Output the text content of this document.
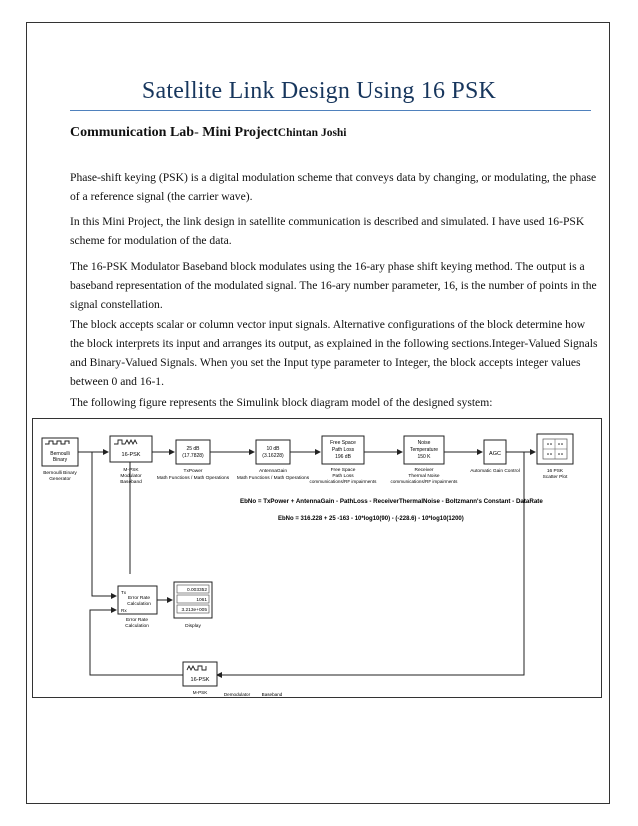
Satellite Link Design Using 16 PSK
Communication Lab- Mini ProjectChintan Joshi
Phase-shift keying (PSK) is a digital modulation scheme that conveys data by changing, or modulating, the phase of a reference signal (the carrier wave).
In this Mini Project, the link design in satellite communication is described and simulated. I have used 16-PSK scheme for modulation of the data.
The 16-PSK Modulator Baseband block modulates using the 16-ary phase shift keying method. The output is a baseband representation of the modulated signal. The 16-ary number parameter, 16, is the number of points in the signal constellation.
The block accepts scalar or column vector input signals. Alternative configurations of the block determine how the block interprets its input and arranges its output, as explained in the following sections.Integer-Valued Signals and Binary-Valued Signals. When you set the Input type parameter to Integer, the block accepts integer values between 0 and 16-1.
The following figure represents the Simulink block diagram model of the designed system:
Bernoulli
Binary
Bernoulli Binary
Generator
16-PSK
M-PSK
Modulator
Baseband
25 dB
(17.7828)
TxPower
Math Functions / Math Operations
10 dB
(3.16228)
AntennaGain
Math Functions / Math Operations
Free Space
Path Loss
196 dB
Free Space
Path Loss
communications/RF impairments
Noise
Temperature
150 K
Receiver
Thermal Noise
communications/RF impairments
AGC
Automatic Gain Control	16 PSK
Scatter Plot
EbNo = TxPower + AntennaGain - PathLoss - ReceiverThermalNoise - Boltzmann's Constant - DataRate
EbNo = 316.228 + 25 -163 - 10*log10(90) - (-228.6) - 10*log10(1200)
Tx
Rx
Error Rate
Calculation
Error Rate
Calculation
0.003352
1061
3.213e+005
Display
16-PSK
M-PSK	Demodulator Baseband
